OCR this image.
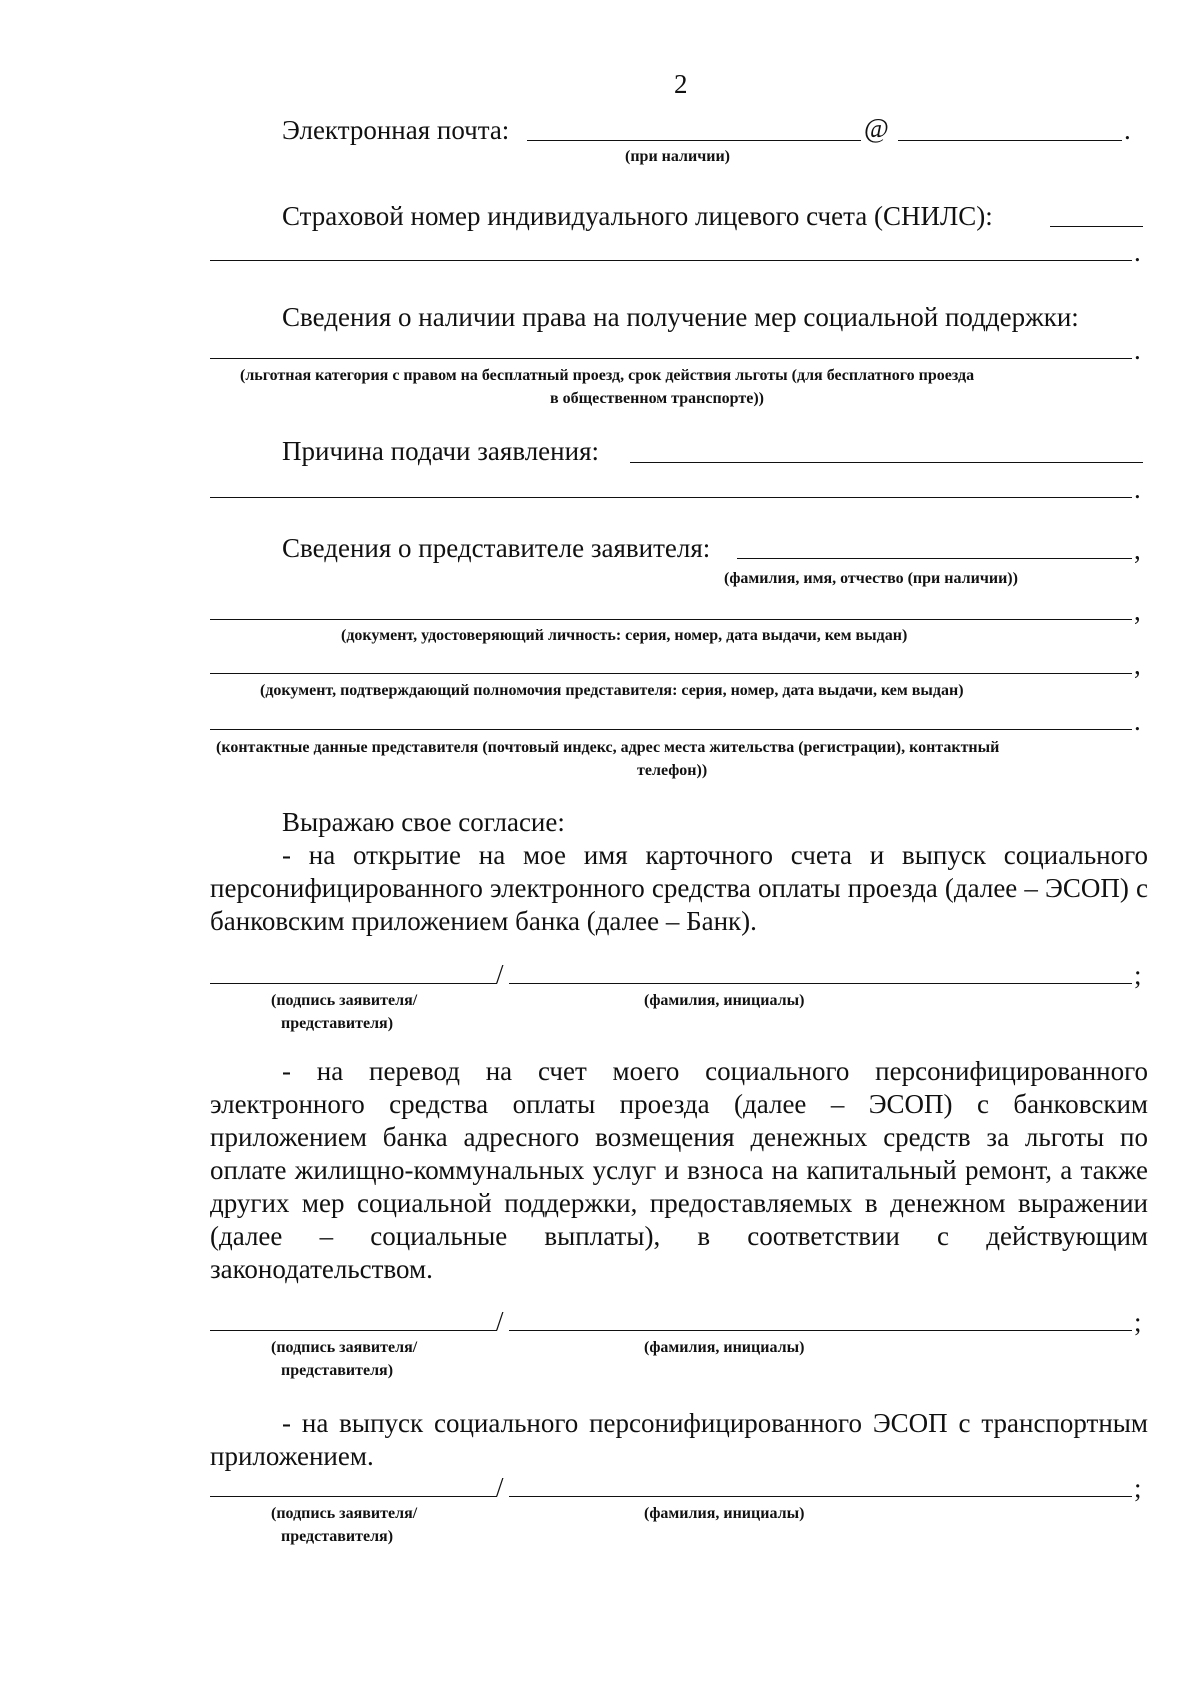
2
Электронная почта:	@	.
(при наличии)
Страховой номер индивидуального лицевого счета (СНИЛС):
.
Сведения о наличии права на получение мер социальной поддержки:
.
(льготная категория с правом на бесплатный проезд, срок действия льготы (для бесплатного проезда
в общественном транспорте))
Причина подачи заявления:
.
Сведения о представителе заявителя:	,
(фамилия, имя, отчество (при наличии))
,
(документ, удостоверяющий личность: серия, номер, дата выдачи, кем выдан)
,
(документ, подтверждающий полномочия представителя: серия, номер, дата выдачи, кем выдан)
.
(контактные данные представителя (почтовый индекс, адрес места жительства (регистрации), контактный
телефон))
Выражаю свое согласие:
- на открытие на мое имя карточного счета и выпуск социального персонифицированного электронного средства оплаты проезда (далее – ЭСОП) с банковским приложением банка (далее – Банк).
/	;
(подпись заявителя/
представителя)
(фамилия, инициалы)
- на перевод на счет моего социального персонифицированного электронного средства оплаты проезда (далее – ЭСОП) с банковским приложением банка адресного возмещения денежных средств за льготы по оплате жилищно-коммунальных услуг и взноса на капитальный ремонт, а также других мер социальной поддержки, предоставляемых в денежном выражении (далее – социальные выплаты), в соответствии с действующим законодательством.
/	;
(подпись заявителя/
представителя)
(фамилия, инициалы)
- на выпуск социального персонифицированного ЭСОП с транспортным приложением.
/	;
(подпись заявителя/
представителя)
(фамилия, инициалы)
